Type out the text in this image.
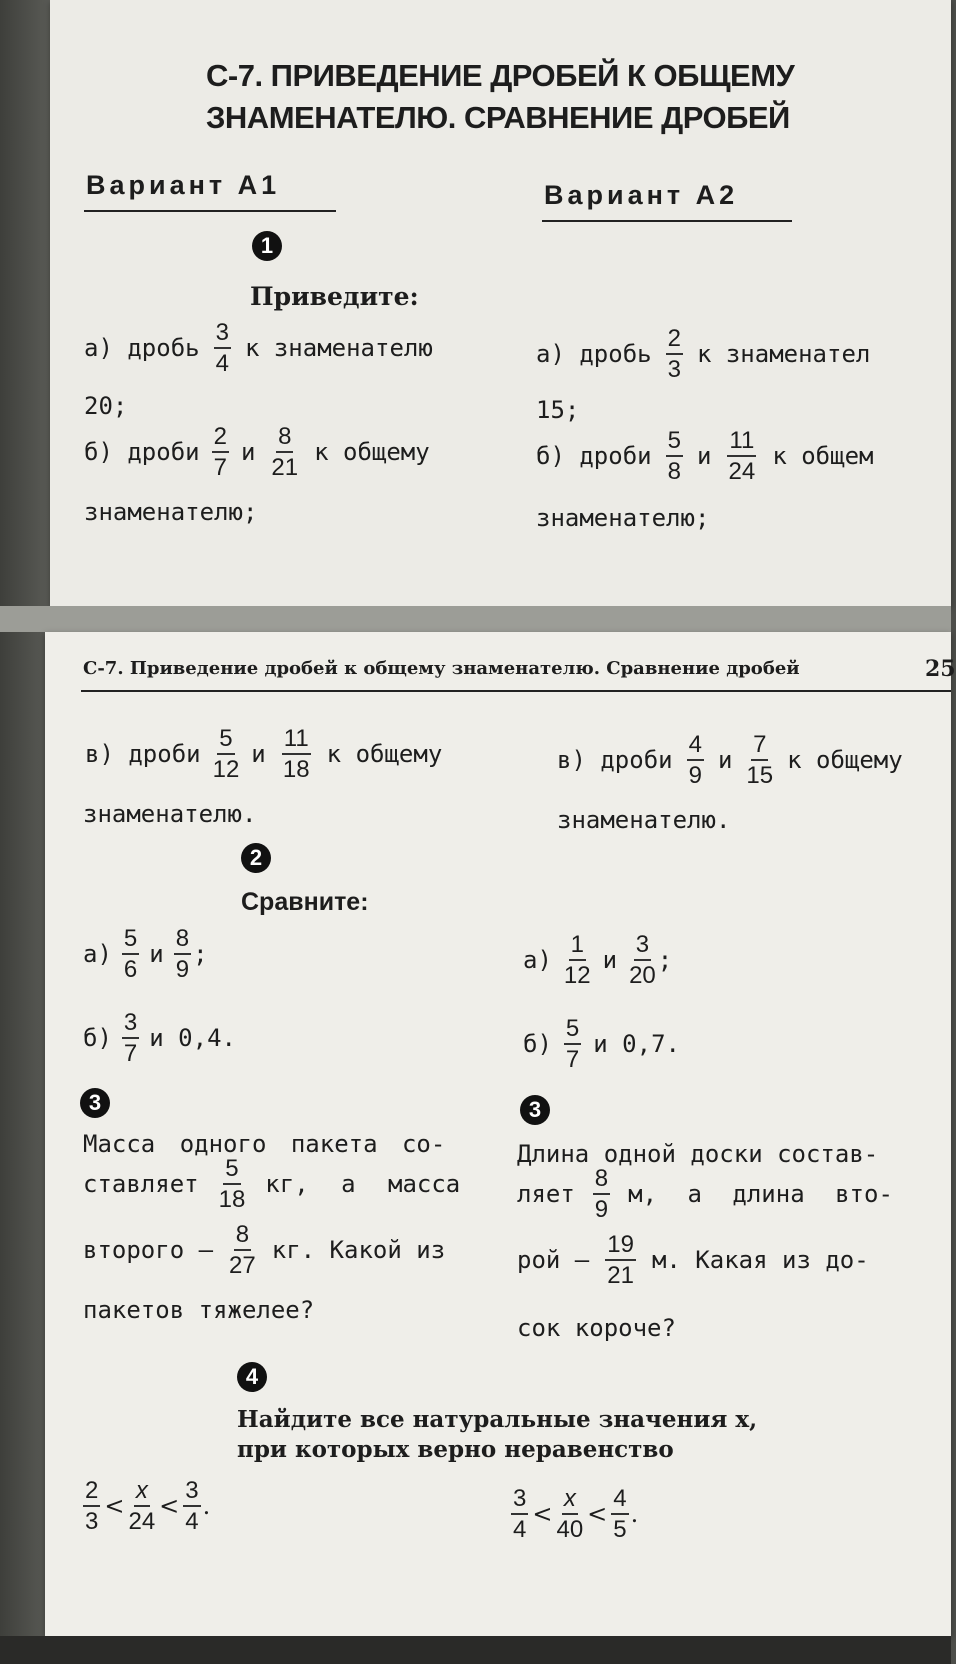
С-7. ПРИВЕДЕНИЕ ДРОБЕЙ К ОБЩЕМУ
ЗНАМЕНАТЕЛЮ. СРАВНЕНИЕ ДРОБЕЙ
Вариант А1	Вариант А2
1
Приведите:
а) дробь $\frac{3}{4}$ к знаменателю
20;
б) дроби $\frac{2}{7}$ и $\frac{8}{21}$ к общему
знаменателю;
а) дробь $\frac{2}{3}$ к знаменател
15;
б) дроби $\frac{5}{8}$ и $\frac{11}{24}$ к общем
знаменателю;
С-7. Приведение дробей к общему знаменателю. Сравнение дробей	25
в) дроби $\frac{5}{12}$ и $\frac{11}{18}$ к общему
знаменателю.
в) дроби $\frac{4}{9}$ и $\frac{7}{15}$ к общему
знаменателю.
2
Сравните:
$а) \frac{5}{6}$ и $\frac{8}{9}$ ;
$б) \frac{3}{7}$ и 0,4.
$а) \frac{1}{12}$ и $\frac{3}{20}$ ;
$б) \frac{5}{7}$ и 0,7.
3
Масса одного пакета со-
ставляет $\frac{5}{18}$ кг, а масса
второго — $\frac{8}{27}$ кг. Какой из
пакетов тяжелее?
3
Длина одной доски состав-
ляет $\frac{8}{9} м$, а длина вто-
рой — $\frac{19}{21} м$. Какая из до-
сок короче?
4
Найдите все натуральные значения x,
при которых верно неравенство
$\frac{2}{3} < \frac{x}{24} < \frac{3}{4}$ .	$\frac{3}{4} < \frac{x}{40} < \frac{4}{5}$ .
